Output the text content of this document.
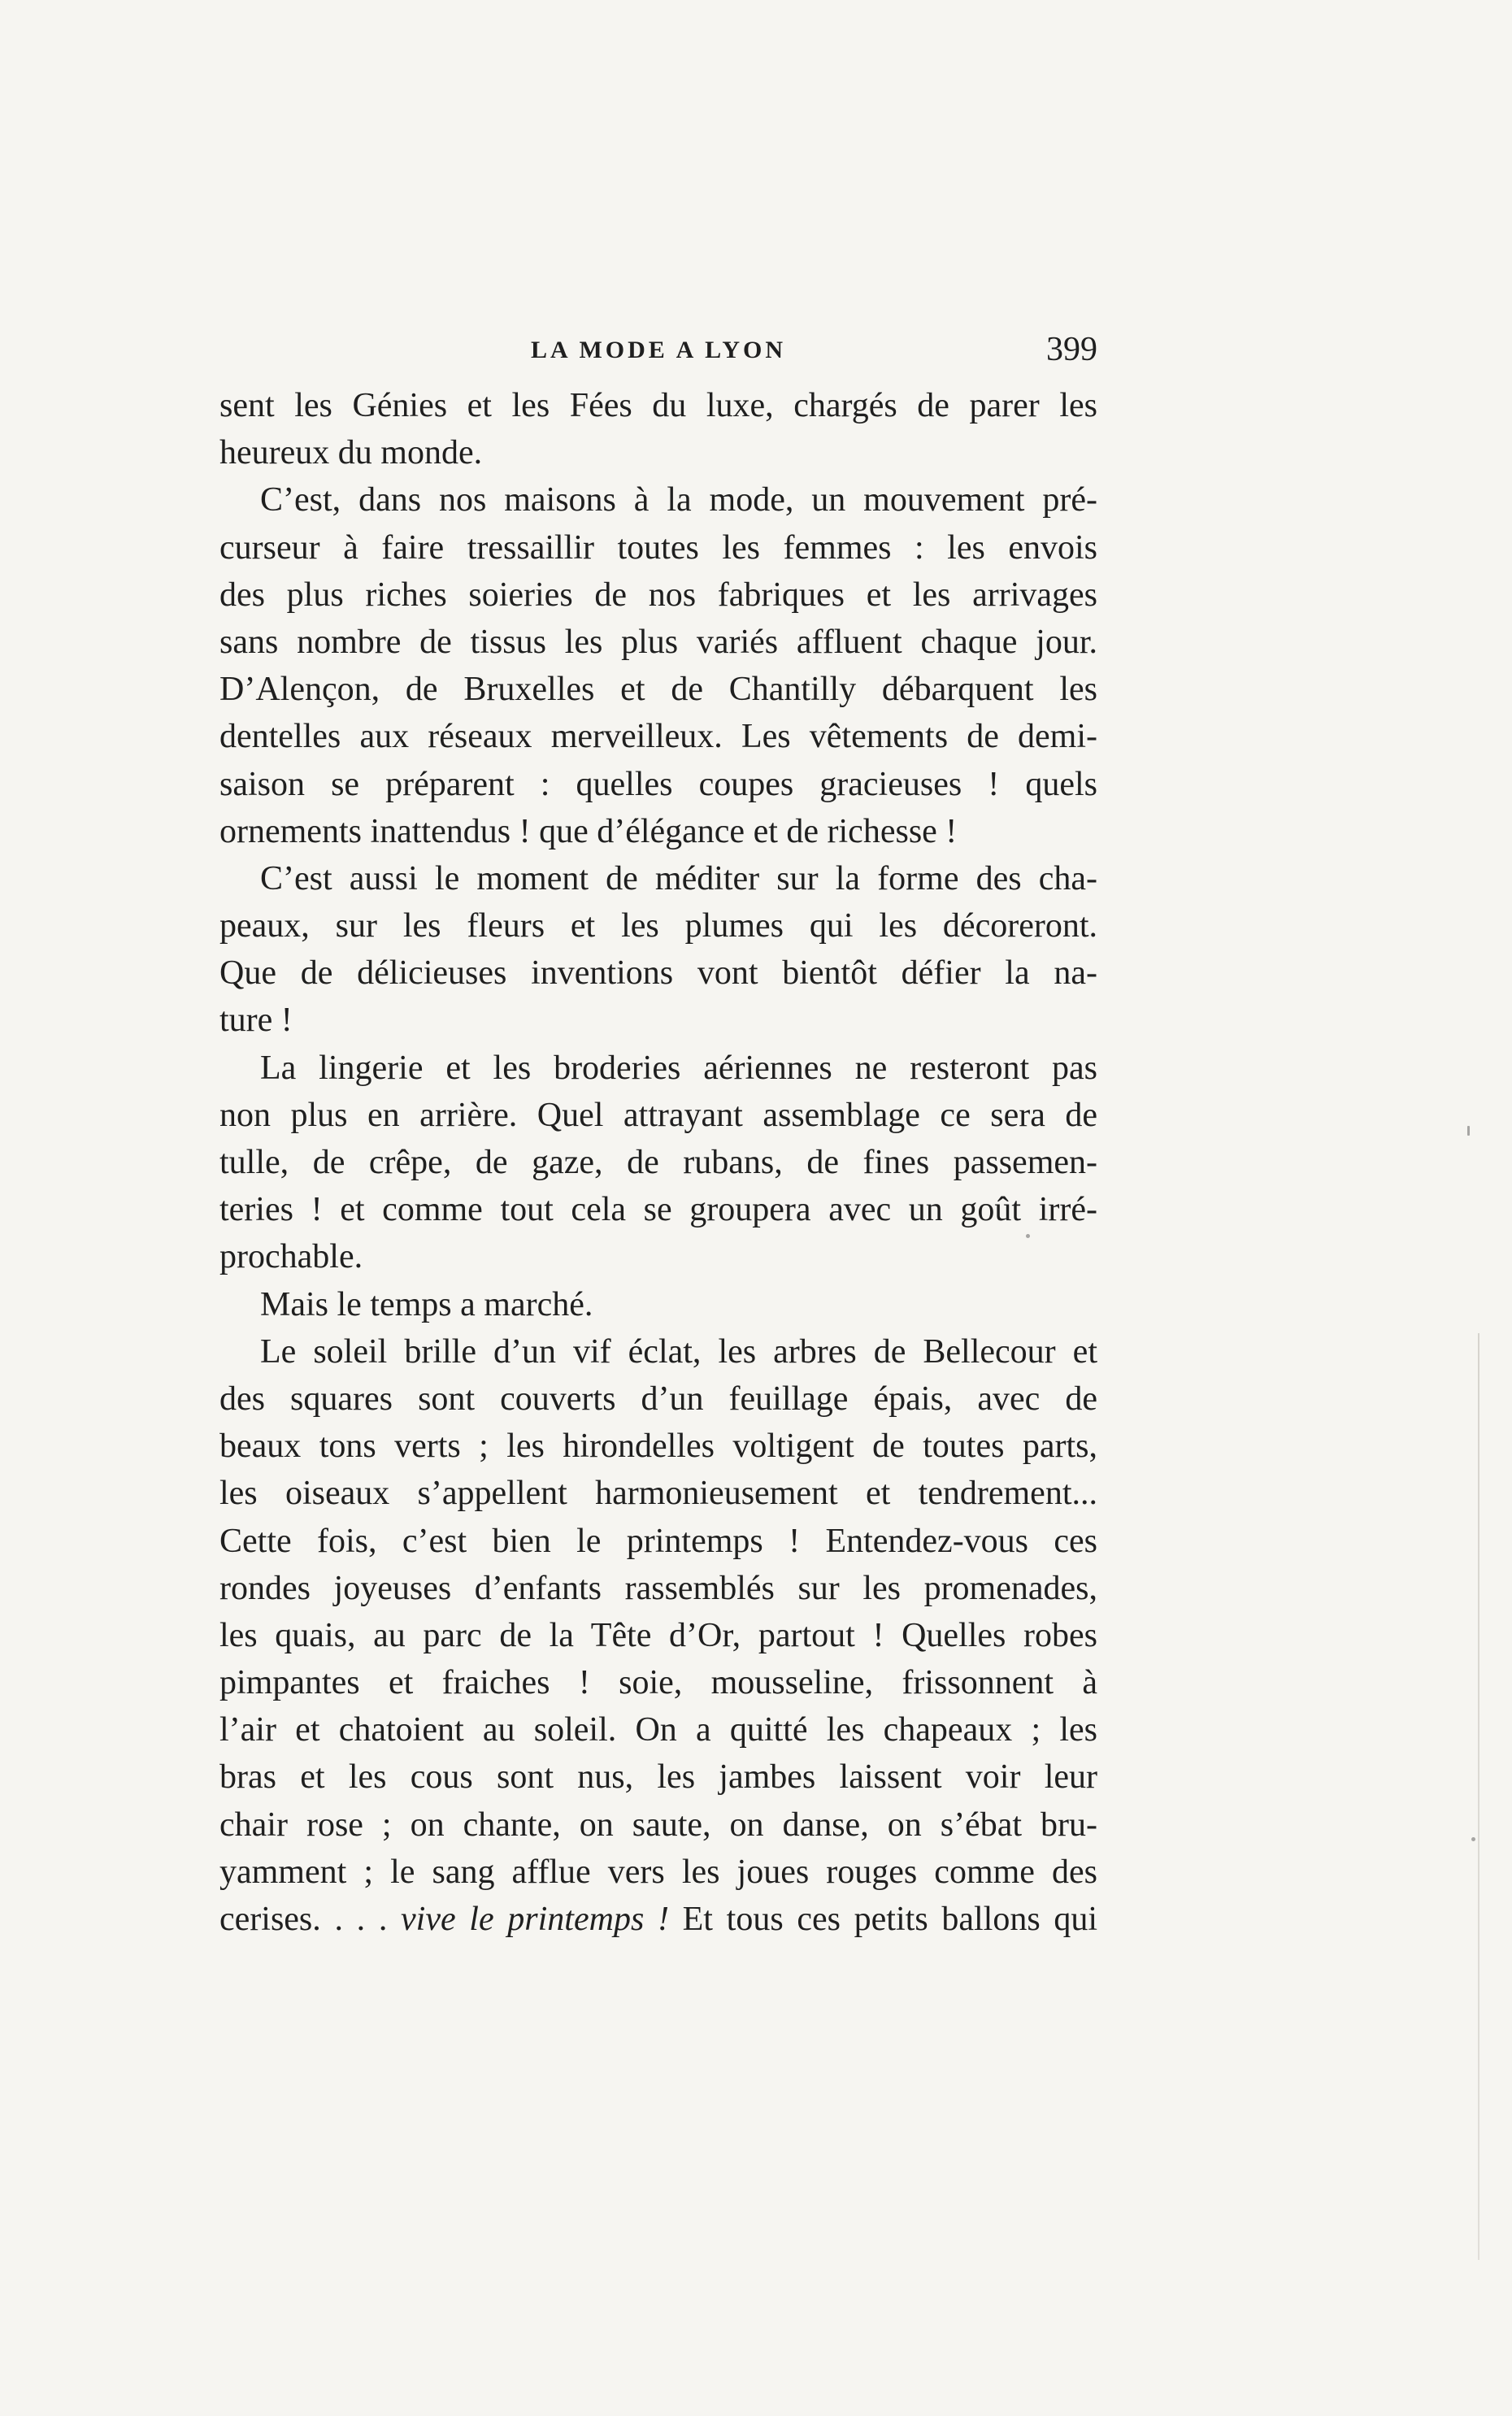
LA MODE A LYON	399
sent les Génies et les Fées du luxe, chargés de parer les
heureux du monde.
C’est, dans nos maisons à la mode, un mouvement pré-
curseur à faire tressaillir toutes les femmes : les envois
des plus riches soieries de nos fabriques et les arrivages
sans nombre de tissus les plus variés affluent chaque jour.
D’Alençon, de Bruxelles et de Chantilly débarquent les
dentelles aux réseaux merveilleux. Les vêtements de demi-
saison se préparent : quelles coupes gracieuses ! quels
ornements inattendus ! que d’élégance et de richesse !
C’est aussi le moment de méditer sur la forme des cha-
peaux, sur les fleurs et les plumes qui les décoreront.
Que de délicieuses inventions vont bientôt défier la na-
ture !
La lingerie et les broderies aériennes ne resteront pas
non plus en arrière. Quel attrayant assemblage ce sera de
tulle, de crêpe, de gaze, de rubans, de fines passemen-
teries ! et comme tout cela se groupera avec un goût irré-
prochable.
Mais le temps a marché.
Le soleil brille d’un vif éclat, les arbres de Bellecour et
des squares sont couverts d’un feuillage épais, avec de
beaux tons verts ; les hirondelles voltigent de toutes parts,
les oiseaux s’appellent harmonieusement et tendrement...
Cette fois, c’est bien le printemps ! Entendez-vous ces
rondes joyeuses d’enfants rassemblés sur les promenades,
les quais, au parc de la Tête d’Or, partout ! Quelles robes
pimpantes et fraiches ! soie, mousseline, frissonnent à
l’air et chatoient au soleil. On a quitté les chapeaux ; les
bras et les cous sont nus, les jambes laissent voir leur
chair rose ; on chante, on saute, on danse, on s’ébat bru-
yamment ; le sang afflue vers les joues rouges comme des
cerises. . . . vive le printemps ! Et tous ces petits ballons qui
